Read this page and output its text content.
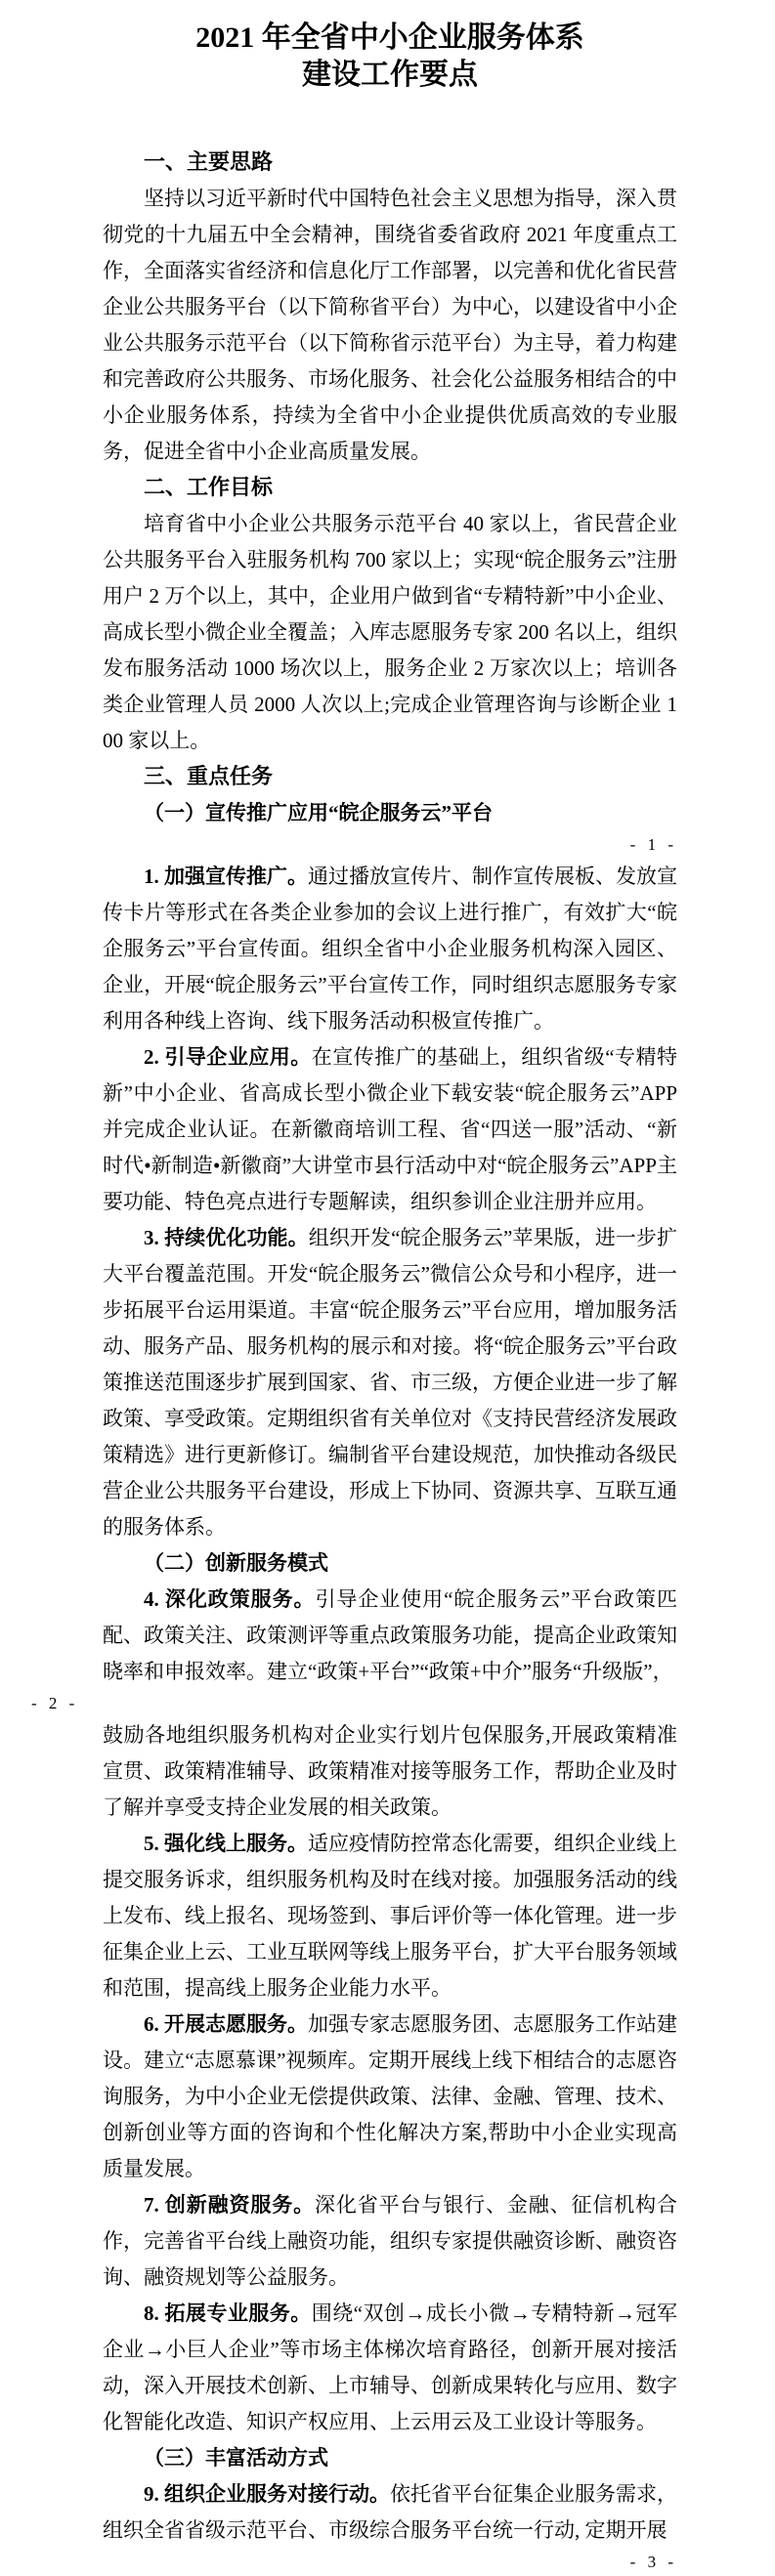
2021 年全省中小企业服务体系
建设工作要点
一、主要思路

坚持以习近平新时代中国特色社会主义思想为指导，深入贯彻党的十九届五中全会精神，围绕省委省政府 2021 年度重点工作，全面落实省经济和信息化厅工作部署，以完善和优化省民营企业公共服务平台（以下简称省平台）为中心，以建设省中小企业公共服务示范平台（以下简称省示范平台）为主导，着力构建和完善政府公共服务、市场化服务、社会化公益服务相结合的中小企业服务体系，持续为全省中小企业提供优质高效的专业服务，促进全省中小企业高质量发展。

二、工作目标

培育省中小企业公共服务示范平台 40 家以上，省民营企业公共服务平台入驻服务机构 700 家以上；实现“皖企服务云”注册用户 2 万个以上，其中，企业用户做到省“专精特新”中小企业、高成长型小微企业全覆盖；入库志愿服务专家 200 名以上，组织发布服务活动 1000 场次以上，服务企业 2 万家次以上；培训各类企业管理人员 2000 人次以上;完成企业管理咨询与诊断企业 100 家以上。

三、重点任务
（一）宣传推广应用“皖企服务云”平台
- 1 -

1. 加强宣传推广。通过播放宣传片、制作宣传展板、发放宣传卡片等形式在各类企业参加的会议上进行推广，有效扩大“皖企服务云”平台宣传面。组织全省中小企业服务机构深入园区、企业，开展“皖企服务云”平台宣传工作，同时组织志愿服务专家利用各种线上咨询、线下服务活动积极宣传推广。

2. 引导企业应用。在宣传推广的基础上，组织省级“专精特新”中小企业、省高成长型小微企业下载安装“皖企服务云”APP并完成企业认证。在新徽商培训工程、省“四送一服”活动、“新时代•新制造•新徽商”大讲堂市县行活动中对“皖企服务云”APP主要功能、特色亮点进行专题解读，组织参训企业注册并应用。

3. 持续优化功能。组织开发“皖企服务云”苹果版，进一步扩大平台覆盖范围。开发“皖企服务云”微信公众号和小程序，进一步拓展平台运用渠道。丰富“皖企服务云”平台应用，增加服务活动、服务产品、服务机构的展示和对接。将“皖企服务云”平台政策推送范围逐步扩展到国家、省、市三级，方便企业进一步了解政策、享受政策。定期组织省有关单位对《支持民营经济发展政策精选》进行更新修订。编制省平台建设规范，加快推动各级民营企业公共服务平台建设，形成上下协同、资源共享、互联互通的服务体系。

（二）创新服务模式

4. 深化政策服务。引导企业使用“皖企服务云”平台政策匹配、政策关注、政策测评等重点政策服务功能，提高企业政策知晓率和申报效率。建立“政策+平台”“政策+中介”服务“升级版”，

- 2 -

鼓励各地组织服务机构对企业实行划片包保服务,开展政策精准宣贯、政策精准辅导、政策精准对接等服务工作，帮助企业及时了解并享受支持企业发展的相关政策。

5. 强化线上服务。适应疫情防控常态化需要，组织企业线上提交服务诉求，组织服务机构及时在线对接。加强服务活动的线上发布、线上报名、现场签到、事后评价等一体化管理。进一步征集企业上云、工业互联网等线上服务平台，扩大平台服务领域和范围，提高线上服务企业能力水平。

6. 开展志愿服务。加强专家志愿服务团、志愿服务工作站建设。建立“志愿慕课”视频库。定期开展线上线下相结合的志愿咨询服务，为中小企业无偿提供政策、法律、金融、管理、技术、创新创业等方面的咨询和个性化解决方案,帮助中小企业实现高质量发展。

7. 创新融资服务。深化省平台与银行、金融、征信机构合作，完善省平台线上融资功能，组织专家提供融资诊断、融资咨询、融资规划等公益服务。

8. 拓展专业服务。围绕“双创→成长小微→专精特新→冠军企业→小巨人企业”等市场主体梯次培育路径，创新开展对接活动，深入开展技术创新、上市辅导、创新成果转化与应用、数字化智能化改造、知识产权应用、上云用云及工业设计等服务。

（三）丰富活动方式

9. 组织企业服务对接行动。依托省平台征集企业服务需求，组织全省省级示范平台、市级综合服务平台统一行动, 定期开展

- 3 -
